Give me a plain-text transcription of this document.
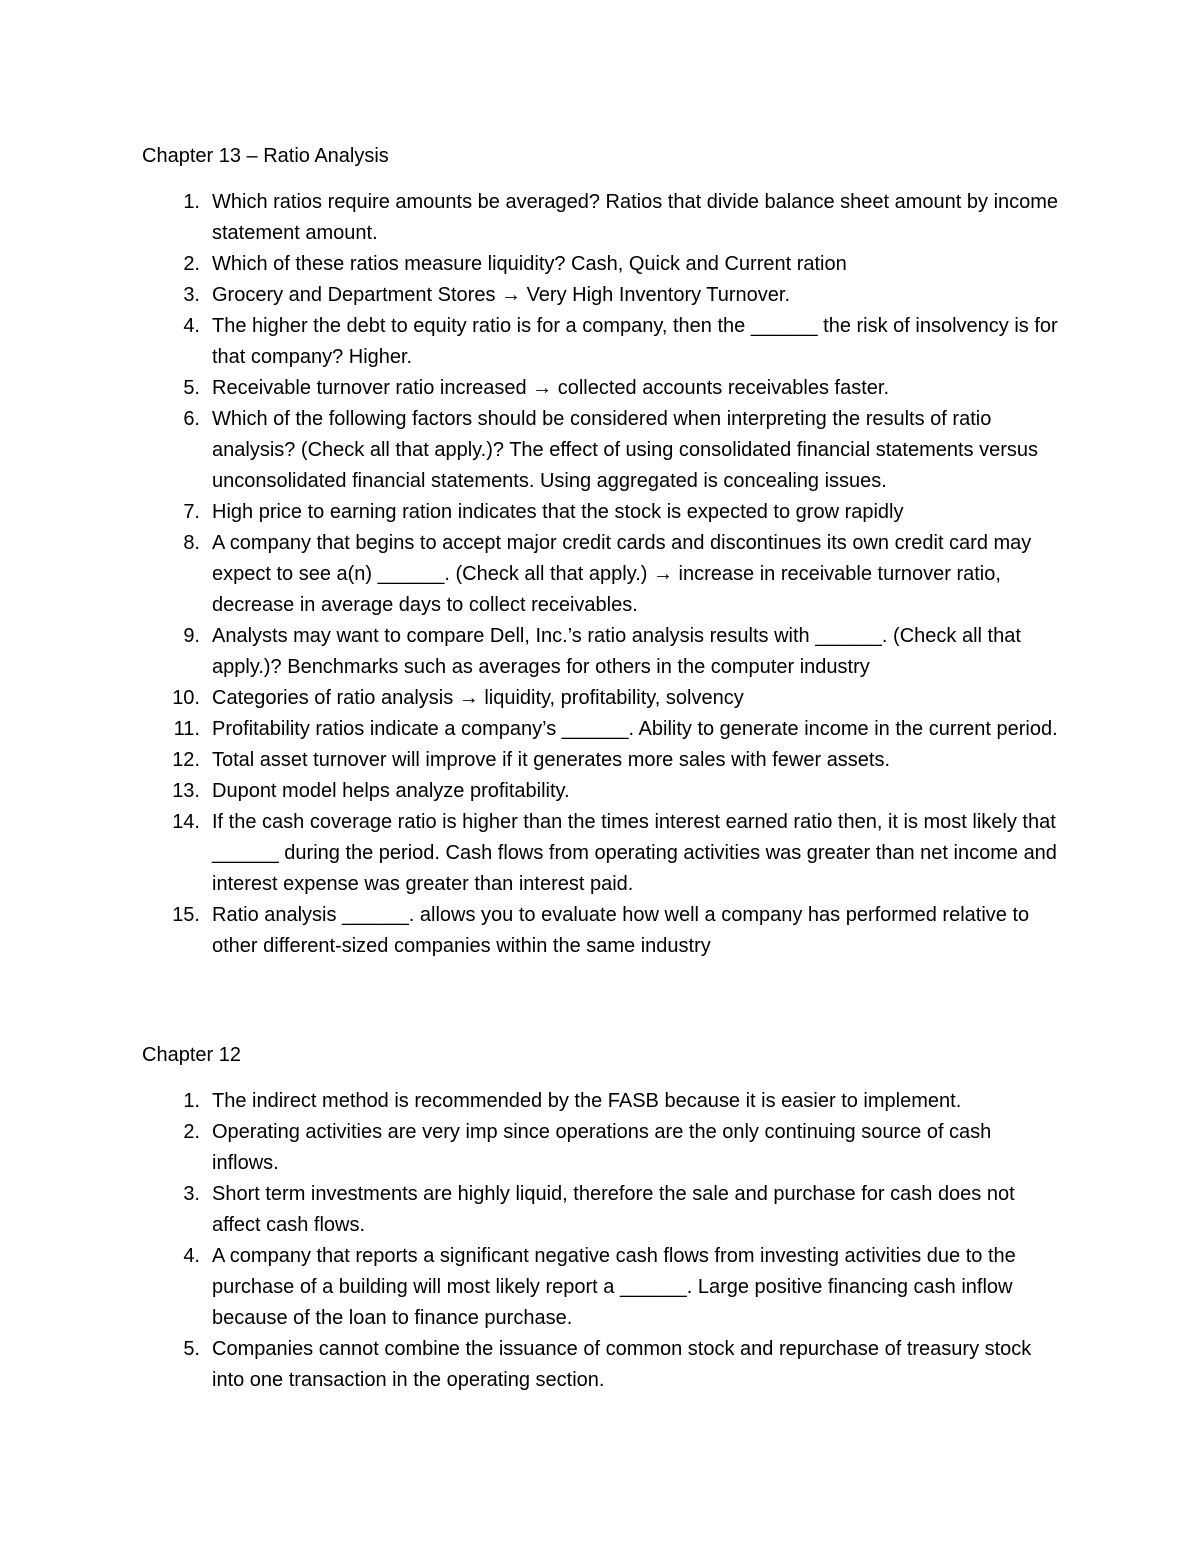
Chapter 13 – Ratio Analysis
1. Which ratios require amounts be averaged? Ratios that divide balance sheet amount by income statement amount.
2. Which of these ratios measure liquidity? Cash, Quick and Current ration
3. Grocery and Department Stores → Very High Inventory Turnover.
4. The higher the debt to equity ratio is for a company, then the ______ the risk of insolvency is for that company? Higher.
5. Receivable turnover ratio increased → collected accounts receivables faster.
6. Which of the following factors should be considered when interpreting the results of ratio analysis? (Check all that apply.)? The effect of using consolidated financial statements versus unconsolidated financial statements. Using aggregated is concealing issues.
7. High price to earning ration indicates that the stock is expected to grow rapidly
8. A company that begins to accept major credit cards and discontinues its own credit card may expect to see a(n) ______. (Check all that apply.) → increase in receivable turnover ratio, decrease in average days to collect receivables.
9. Analysts may want to compare Dell, Inc.’s ratio analysis results with ______. (Check all that apply.)? Benchmarks such as averages for others in the computer industry
10. Categories of ratio analysis → liquidity, profitability, solvency
11. Profitability ratios indicate a company’s ______. Ability to generate income in the current period.
12. Total asset turnover will improve if it generates more sales with fewer assets.
13. Dupont model helps analyze profitability.
14. If the cash coverage ratio is higher than the times interest earned ratio then, it is most likely that ______ during the period. Cash flows from operating activities was greater than net income and interest expense was greater than interest paid.
15. Ratio analysis ______. allows you to evaluate how well a company has performed relative to other different-sized companies within the same industry
Chapter 12
1. The indirect method is recommended by the FASB because it is easier to implement.
2. Operating activities are very imp since operations are the only continuing source of cash inflows.
3. Short term investments are highly liquid, therefore the sale and purchase for cash does not affect cash flows.
4. A company that reports a significant negative cash flows from investing activities due to the purchase of a building will most likely report a ______. Large positive financing cash inflow because of the loan to finance purchase.
5. Companies cannot combine the issuance of common stock and repurchase of treasury stock into one transaction in the operating section.
